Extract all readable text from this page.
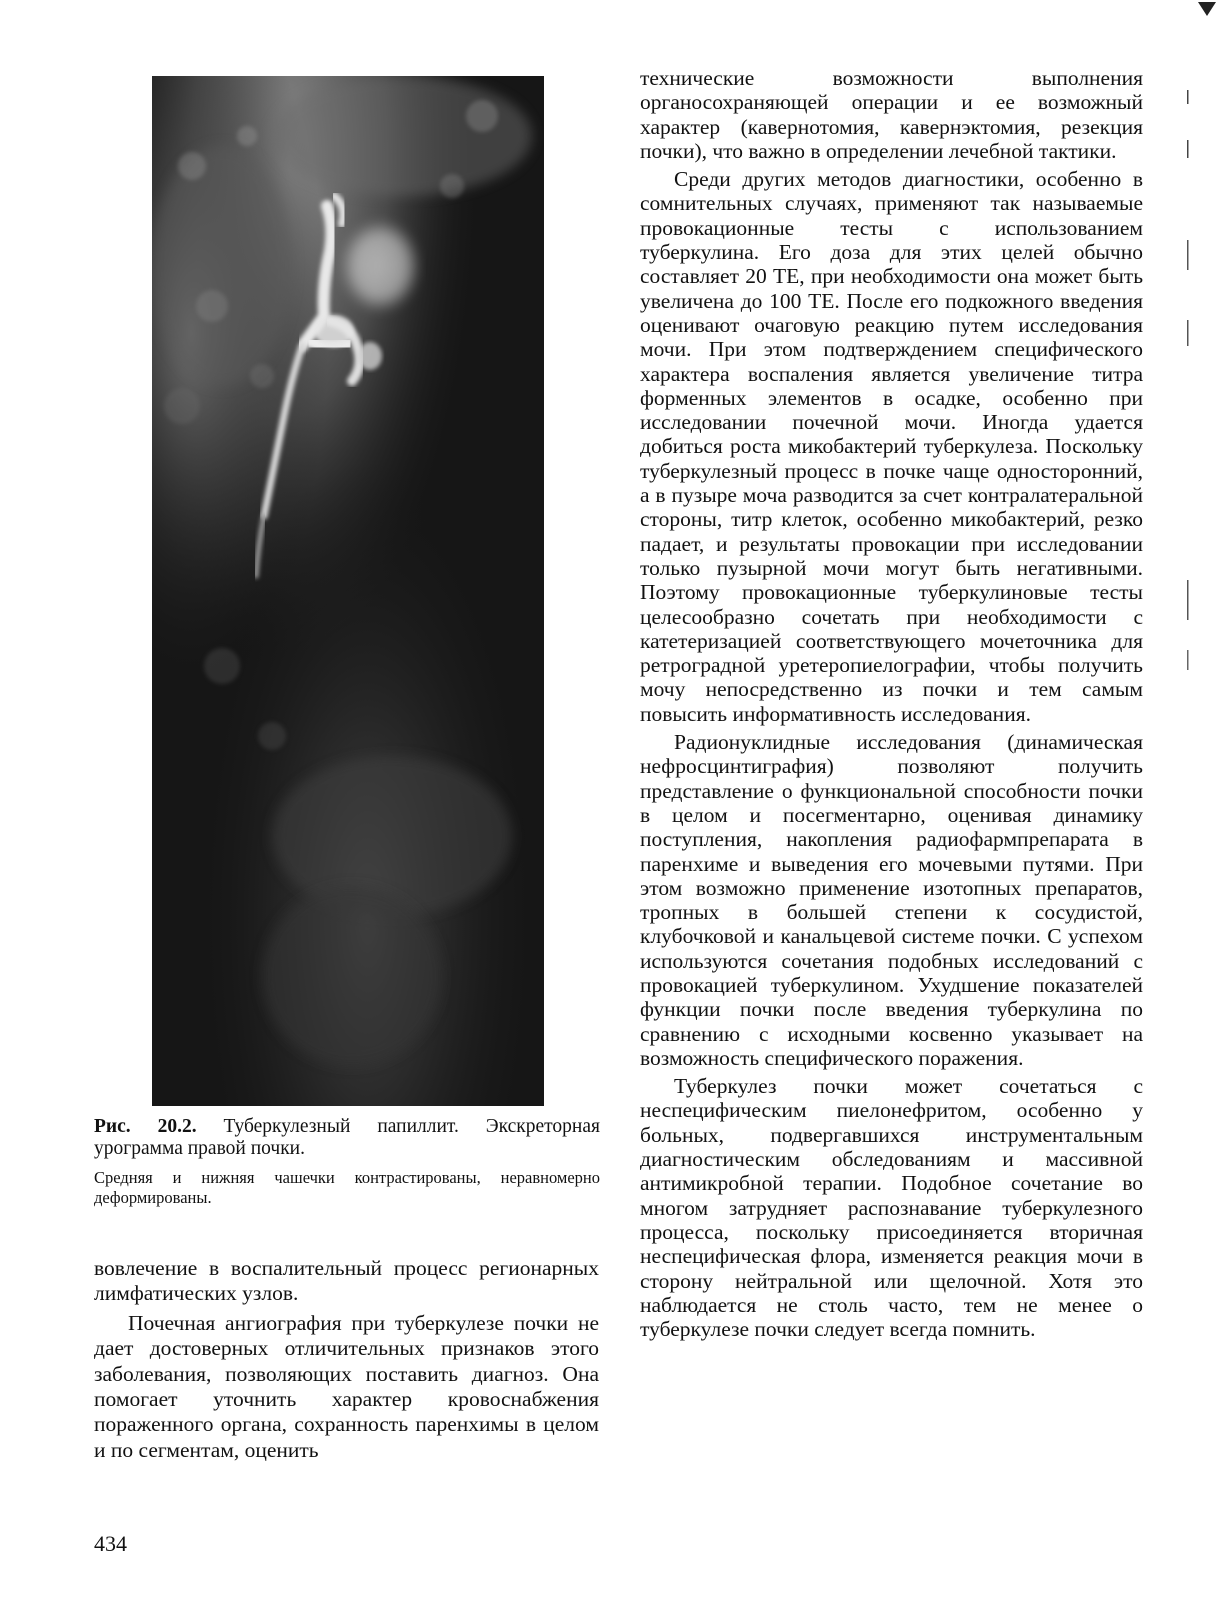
Рис. 20.2. Туберкулезный папиллит. Экскреторная урограмма правой почки.

Средняя и нижняя чашечки контрастированы, неравномерно деформированы.

вовлечение в воспалительный процесс регионарных лимфатических узлов.

Почечная ангиография при туберкулезе почки не дает достоверных отличительных признаков этого заболевания, позволяющих поставить диагноз. Она помогает уточнить характер кровоснабжения пораженного органа, сохранность паренхимы в целом и по сегментам, оценить

технические возможности выполнения органосохраняющей операции и ее возможный характер (кавернотомия, кавернэктомия, резекция почки), что важно в определении лечебной тактики.

Среди других методов диагностики, особенно в сомнительных случаях, применяют так называемые провокационные тесты с использованием туберкулина. Его доза для этих целей обычно составляет 20 ТЕ, при необходимости она может быть увеличена до 100 ТЕ. После его подкожного введения оценивают очаговую реакцию путем исследования мочи. При этом подтверждением специфического характера воспаления является увеличение титра форменных элементов в осадке, особенно при исследовании почечной мочи. Иногда удается добиться роста микобактерий туберкулеза. Поскольку туберкулезный процесс в почке чаще односторонний, а в пузыре моча разводится за счет контралатеральной стороны, титр клеток, особенно микобактерий, резко падает, и результаты провокации при исследовании только пузырной мочи могут быть негативными. Поэтому провокационные туберкулиновые тесты целесообразно сочетать при необходимости с катетеризацией соответствующего мочеточника для ретроградной уретеропиелографии, чтобы получить мочу непосредственно из почки и тем самым повысить информативность исследования.

Радионуклидные исследования (динамическая нефросцинтиграфия) позволяют получить представление о функциональной способности почки в целом и посегментарно, оценивая динамику поступления, накопления радиофармпрепарата в паренхиме и выведения его мочевыми путями. При этом возможно применение изотопных препаратов, тропных в большей степени к сосудистой, клубочковой и канальцевой системе почки. С успехом используются сочетания подобных исследований с провокацией туберкулином. Ухудшение показателей функции почки после введения туберкулина по сравнению с исходными косвенно указывает на возможность специфического поражения.

Туберкулез почки может сочетаться с неспецифическим пиелонефритом, особенно у больных, подвергавшихся инструментальным диагностическим обследованиям и массивной антимикробной терапии. Подобное сочетание во многом затрудняет распознавание туберкулезного процесса, поскольку присоединяется вторичная неспецифическая флора, изменяется реакция мочи в сторону нейтральной или щелочной. Хотя это наблюдается не столь часто, тем не менее о туберкулезе почки следует всегда помнить.

434
